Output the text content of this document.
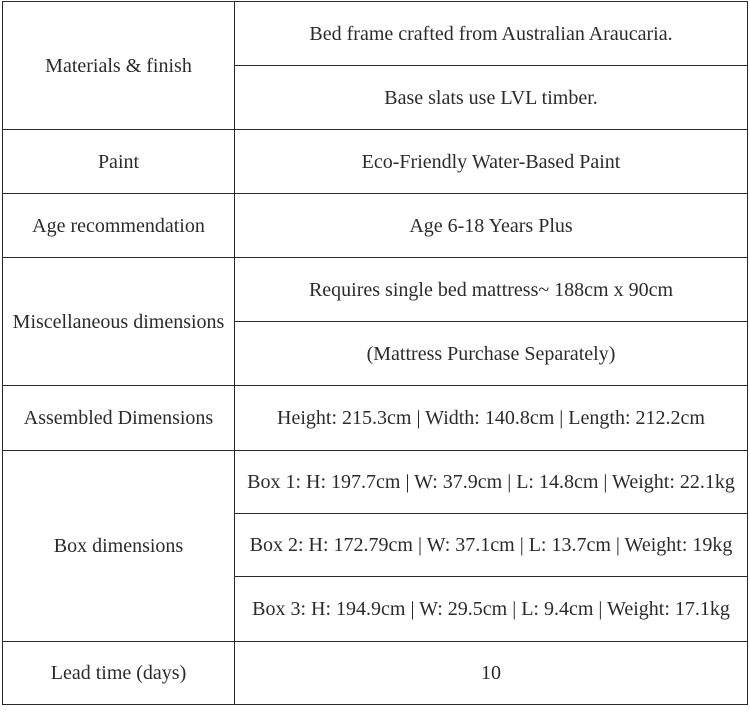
Materials & finish	Bed frame crafted from Australian Araucaria.
	Base slats use LVL timber.
Paint	Eco-Friendly Water-Based Paint
Age recommendation	Age 6-18 Years Plus
Miscellaneous dimensions	Requires single bed mattress~ 188cm x 90cm
	(Mattress Purchase Separately)
Assembled Dimensions	Height: 215.3cm | Width: 140.8cm | Length: 212.2cm
Box dimensions	Box 1: H: 197.7cm | W: 37.9cm | L: 14.8cm | Weight: 22.1kg
	Box 2: H: 172.79cm | W: 37.1cm | L: 13.7cm | Weight: 19kg
	Box 3: H: 194.9cm | W: 29.5cm | L: 9.4cm | Weight: 17.1kg
Lead time (days)	10
